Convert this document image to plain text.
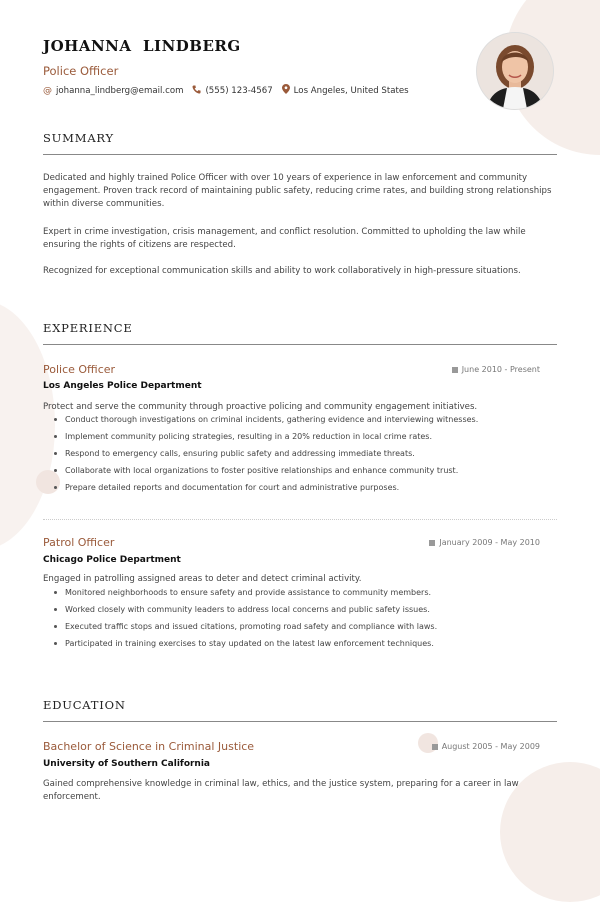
JOHANNA LINDBERG
Police Officer
@ johanna_lindberg@email.com	(555) 123-4567 Los Angeles, United States
SUMMARY

Dedicated and highly trained Police Officer with over 10 years of experience in law enforcement and community engagement. Proven track record of maintaining public safety, reducing crime rates, and building strong relationships within diverse communities.

Expert in crime investigation, crisis management, and conflict resolution. Committed to upholding the law while ensuring the rights of citizens are respected.

Recognized for exceptional communication skills and ability to work collaboratively in high-pressure situations.

EXPERIENCE
Police Officer	June 2010 - Present
Los Angeles Police Department
Protect and serve the community through proactive policing and community engagement initiatives.
Conduct thorough investigations on criminal incidents, gathering evidence and interviewing witnesses.
Implement community policing strategies, resulting in a 20% reduction in local crime rates.
Respond to emergency calls, ensuring public safety and addressing immediate threats.
Collaborate with local organizations to foster positive relationships and enhance community trust.
Prepare detailed reports and documentation for court and administrative purposes.
Patrol Officer	January 2009 - May 2010
Chicago Police Department
Engaged in patrolling assigned areas to deter and detect criminal activity.
Monitored neighborhoods to ensure safety and provide assistance to community members.
Worked closely with community leaders to address local concerns and public safety issues.
Executed traffic stops and issued citations, promoting road safety and compliance with laws.
Participated in training exercises to stay updated on the latest law enforcement techniques.
EDUCATION
Bachelor of Science in Criminal Justice	August 2005 - May 2009
University of Southern California

Gained comprehensive knowledge in criminal law, ethics, and the justice system, preparing for a career in law enforcement.
